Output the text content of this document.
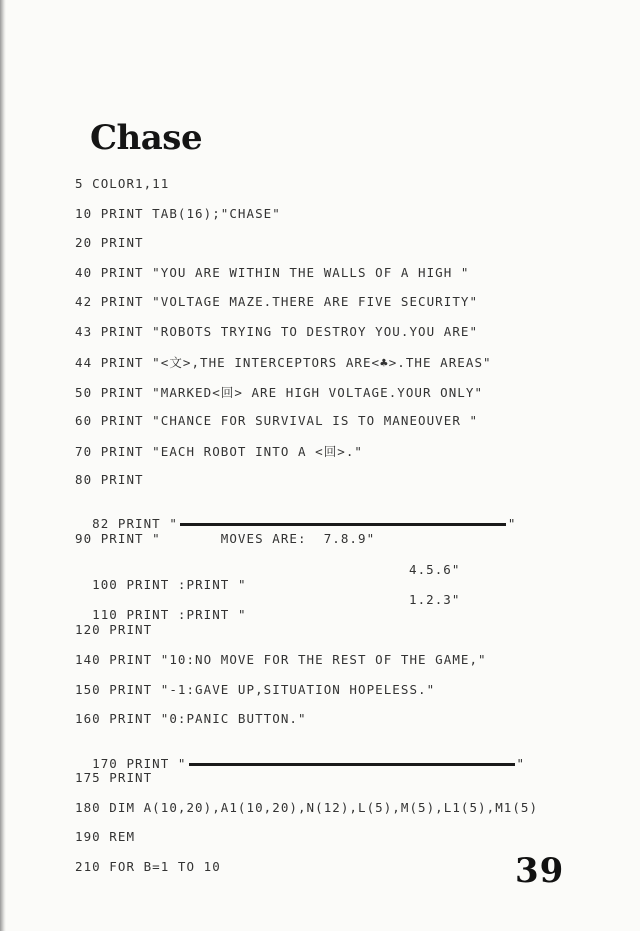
Chase
5 COLOR1,11
10 PRINT TAB(16);"CHASE"
20 PRINT
40 PRINT "YOU ARE WITHIN THE WALLS OF A HIGH "
42 PRINT "VOLTAGE MAZE.THERE ARE FIVE SECURITY"
43 PRINT "ROBOTS TRYING TO DESTROY YOU.YOU ARE"
44 PRINT "<文>,THE INTERCEPTORS ARE<♣>.THE AREAS"
50 PRINT "MARKED<回> ARE HIGH VOLTAGE.YOUR ONLY"
60 PRINT "CHANCE FOR SURVIVAL IS TO MANEOUVER "
70 PRINT "EACH ROBOT INTO A <回>."
80 PRINT

82 PRINT "	"

90 PRINT "       MOVES ARE:  7.8.9"

100 PRINT :PRINT "

4.5.6"

110 PRINT :PRINT "

1.2.3"

120 PRINT
140 PRINT "10:NO MOVE FOR THE REST OF THE GAME,"
150 PRINT "-1:GAVE UP,SITUATION HOPELESS."
160 PRINT "0:PANIC BUTTON."

170 PRINT "	"

175 PRINT
180 DIM A(10,20),A1(10,20),N(12),L(5),M(5),L1(5),M1(5)
190 REM
210 FOR B=1 TO 10	39
